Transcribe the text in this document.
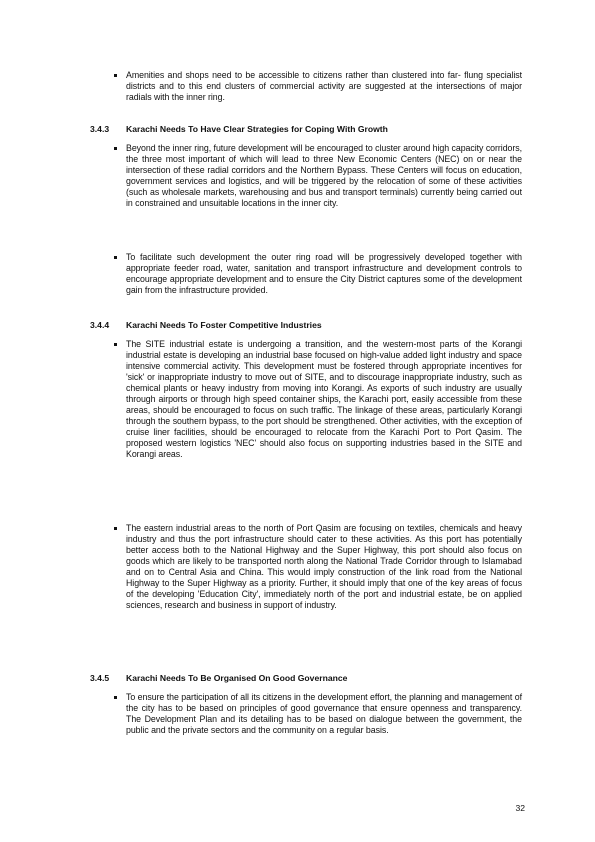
Amenities and shops need to be accessible to citizens rather than clustered into far- flung specialist districts and to this end clusters of commercial activity are suggested at the intersections of major radials with the inner ring.
3.4.3 Karachi Needs To Have Clear Strategies for Coping With Growth
Beyond the inner ring, future development will be encouraged to cluster around high capacity corridors, the three most important of which will lead to three New Economic Centers (NEC) on or near the intersection of these radial corridors and the Northern Bypass. These Centers will focus on education, government services and logistics, and will be triggered by the relocation of some of these activities (such as wholesale markets, warehousing and bus and transport terminals) currently being carried out in constrained and unsuitable locations in the inner city.
To facilitate such development the outer ring road will be progressively developed together with appropriate feeder road, water, sanitation and transport infrastructure and development controls to encourage appropriate development and to ensure the City District captures some of the development gain from the infrastructure provided.
3.4.4 Karachi Needs To Foster Competitive Industries
The SITE industrial estate is undergoing a transition, and the western-most parts of the Korangi industrial estate is developing an industrial base focused on high-value added light industry and space intensive commercial activity. This development must be fostered through appropriate incentives for 'sick' or inappropriate industry to move out of SITE, and to discourage inappropriate industry, such as chemical plants or heavy industry from moving into Korangi. As exports of such industry are usually through airports or through high speed container ships, the Karachi port, easily accessible from these areas, should be encouraged to focus on such traffic. The linkage of these areas, particularly Korangi through the southern bypass, to the port should be strengthened. Other activities, with the exception of cruise liner facilities, should be encouraged to relocate from the Karachi Port to Port Qasim. The proposed western logistics 'NEC' should also focus on supporting industries based in the SITE and Korangi areas.
The eastern industrial areas to the north of Port Qasim are focusing on textiles, chemicals and heavy industry and thus the port infrastructure should cater to these activities. As this port has potentially better access both to the National Highway and the Super Highway, this port should also focus on goods which are likely to be transported north along the National Trade Corridor through to Islamabad and on to Central Asia and China. This would imply construction of the link road from the National Highway to the Super Highway as a priority. Further, it should imply that one of the key areas of focus of the developing 'Education City', immediately north of the port and industrial estate, be on applied sciences, research and business in support of industry.
3.4.5 Karachi Needs To Be Organised On Good Governance
To ensure the participation of all its citizens in the development effort, the planning and management of the city has to be based on principles of good governance that ensure openness and transparency. The Development Plan and its detailing has to be based on dialogue between the government, the public and the private sectors and the community on a regular basis.
32
